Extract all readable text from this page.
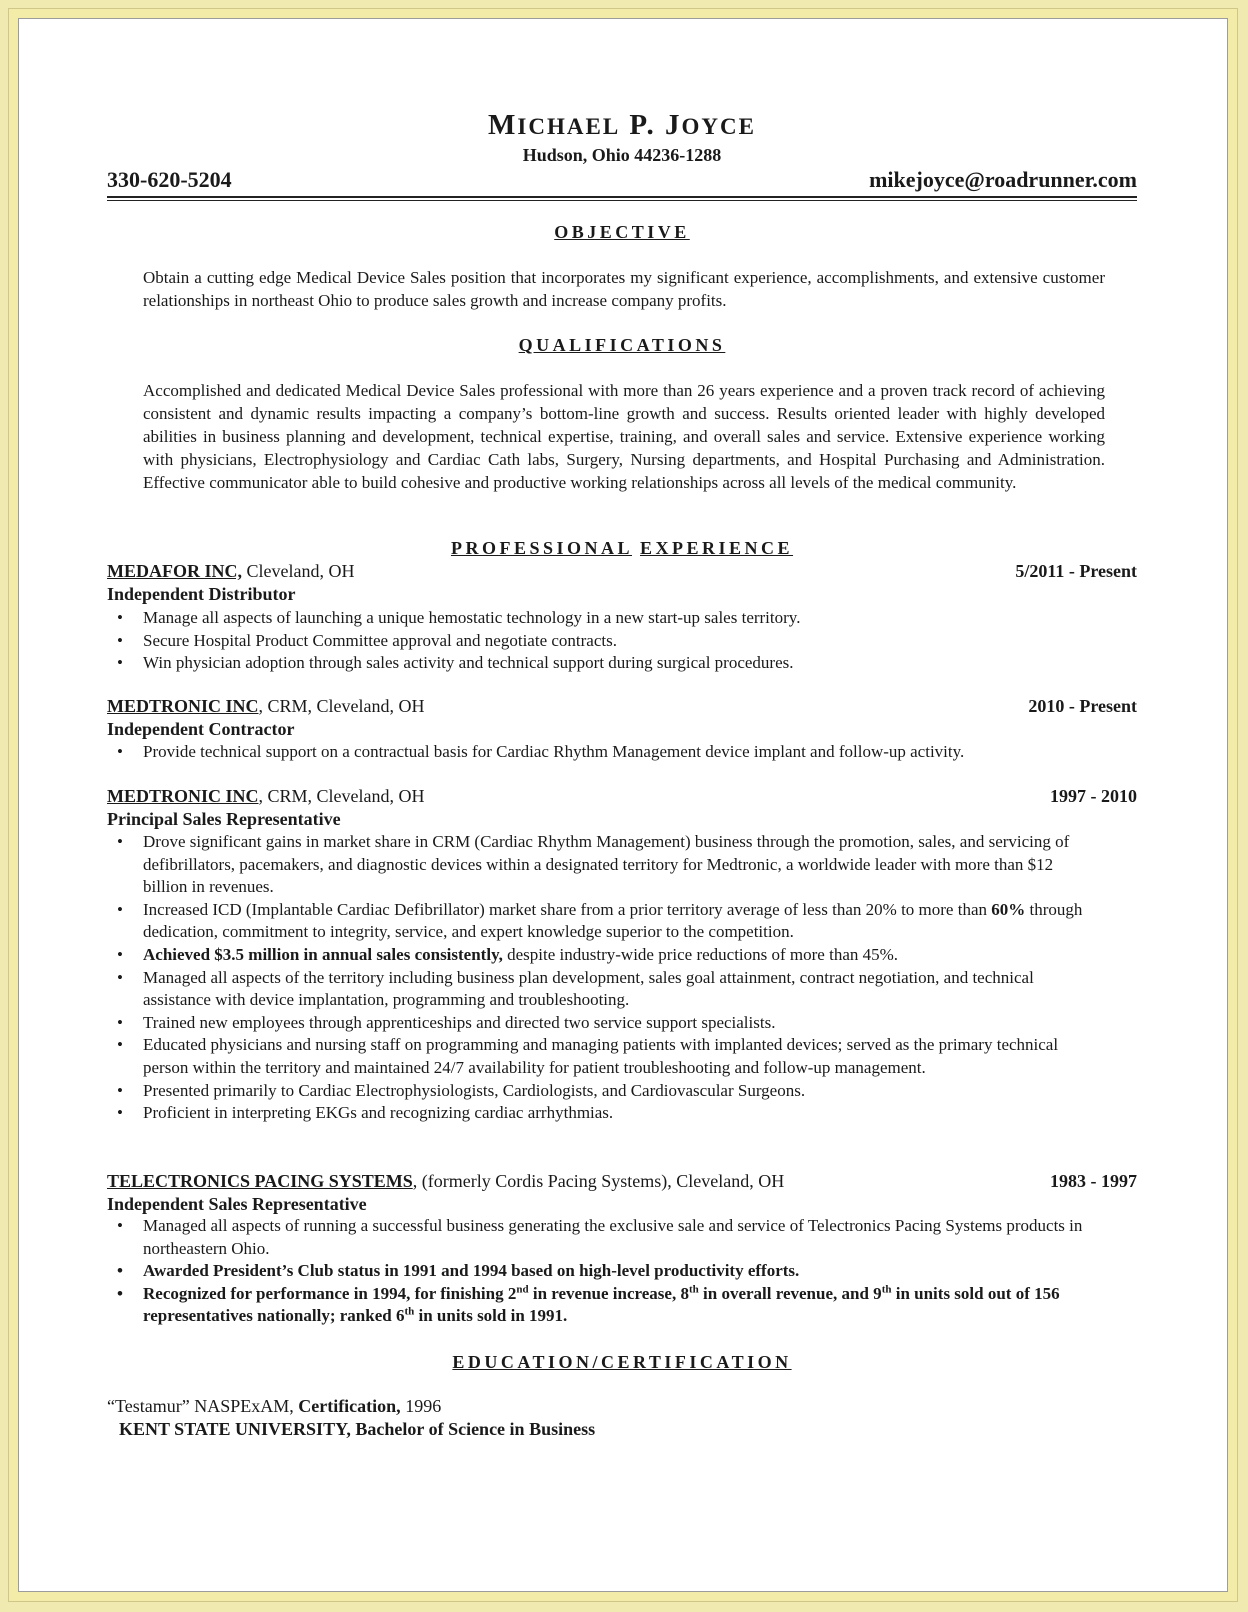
MICHAEL P. JOYCE
Hudson, Ohio 44236-1288
330-620-5204	mikejoyce@roadrunner.com
OBJECTIVE
Obtain a cutting edge Medical Device Sales position that incorporates my significant experience, accomplishments, and extensive customer relationships in northeast Ohio to produce sales growth and increase company profits.
QUALIFICATIONS
Accomplished and dedicated Medical Device Sales professional with more than 26 years experience and a proven track record of achieving consistent and dynamic results impacting a company’s bottom-line growth and success. Results oriented leader with highly developed abilities in business planning and development, technical expertise, training, and overall sales and service. Extensive experience working with physicians, Electrophysiology and Cardiac Cath labs, Surgery, Nursing departments, and Hospital Purchasing and Administration. Effective communicator able to build cohesive and productive working relationships across all levels of the medical community.
PROFESSIONAL EXPERIENCE
MEDAFOR INC, Cleveland, OH	5/2011 - Present
Independent Distributor
• Manage all aspects of launching a unique hemostatic technology in a new start-up sales territory.
• Secure Hospital Product Committee approval and negotiate contracts.
• Win physician adoption through sales activity and technical support during surgical procedures.
MEDTRONIC INC, CRM, Cleveland, OH	2010 - Present
Independent Contractor
• Provide technical support on a contractual basis for Cardiac Rhythm Management device implant and follow-up activity.
MEDTRONIC INC, CRM, Cleveland, OH	1997 - 2010
Principal Sales Representative
• Drove significant gains in market share in CRM (Cardiac Rhythm Management) business through the promotion, sales, and servicing of defibrillators, pacemakers, and diagnostic devices within a designated territory for Medtronic, a worldwide leader with more than $12 billion in revenues.
• Increased ICD (Implantable Cardiac Defibrillator) market share from a prior territory average of less than 20% to more than 60% through dedication, commitment to integrity, service, and expert knowledge superior to the competition.
• Achieved $3.5 million in annual sales consistently, despite industry-wide price reductions of more than 45%.
• Managed all aspects of the territory including business plan development, sales goal attainment, contract negotiation, and technical assistance with device implantation, programming and troubleshooting.
• Trained new employees through apprenticeships and directed two service support specialists.
• Educated physicians and nursing staff on programming and managing patients with implanted devices; served as the primary technical person within the territory and maintained 24/7 availability for patient troubleshooting and follow-up management.
• Presented primarily to Cardiac Electrophysiologists, Cardiologists, and Cardiovascular Surgeons.
• Proficient in interpreting EKGs and recognizing cardiac arrhythmias.
TELECTRONICS PACING SYSTEMS, (formerly Cordis Pacing Systems), Cleveland, OH	1983 - 1997
Independent Sales Representative
• Managed all aspects of running a successful business generating the exclusive sale and service of Telectronics Pacing Systems products in northeastern Ohio.
• Awarded President’s Club status in 1991 and 1994 based on high-level productivity efforts.
• Recognized for performance in 1994, for finishing 2nd in revenue increase, 8th in overall revenue, and 9th in units sold out of 156 representatives nationally; ranked 6th in units sold in 1991.
EDUCATION/CERTIFICATION
“Testamur” NASPExAM, Certification, 1996
KENT STATE UNIVERSITY, Bachelor of Science in Business
